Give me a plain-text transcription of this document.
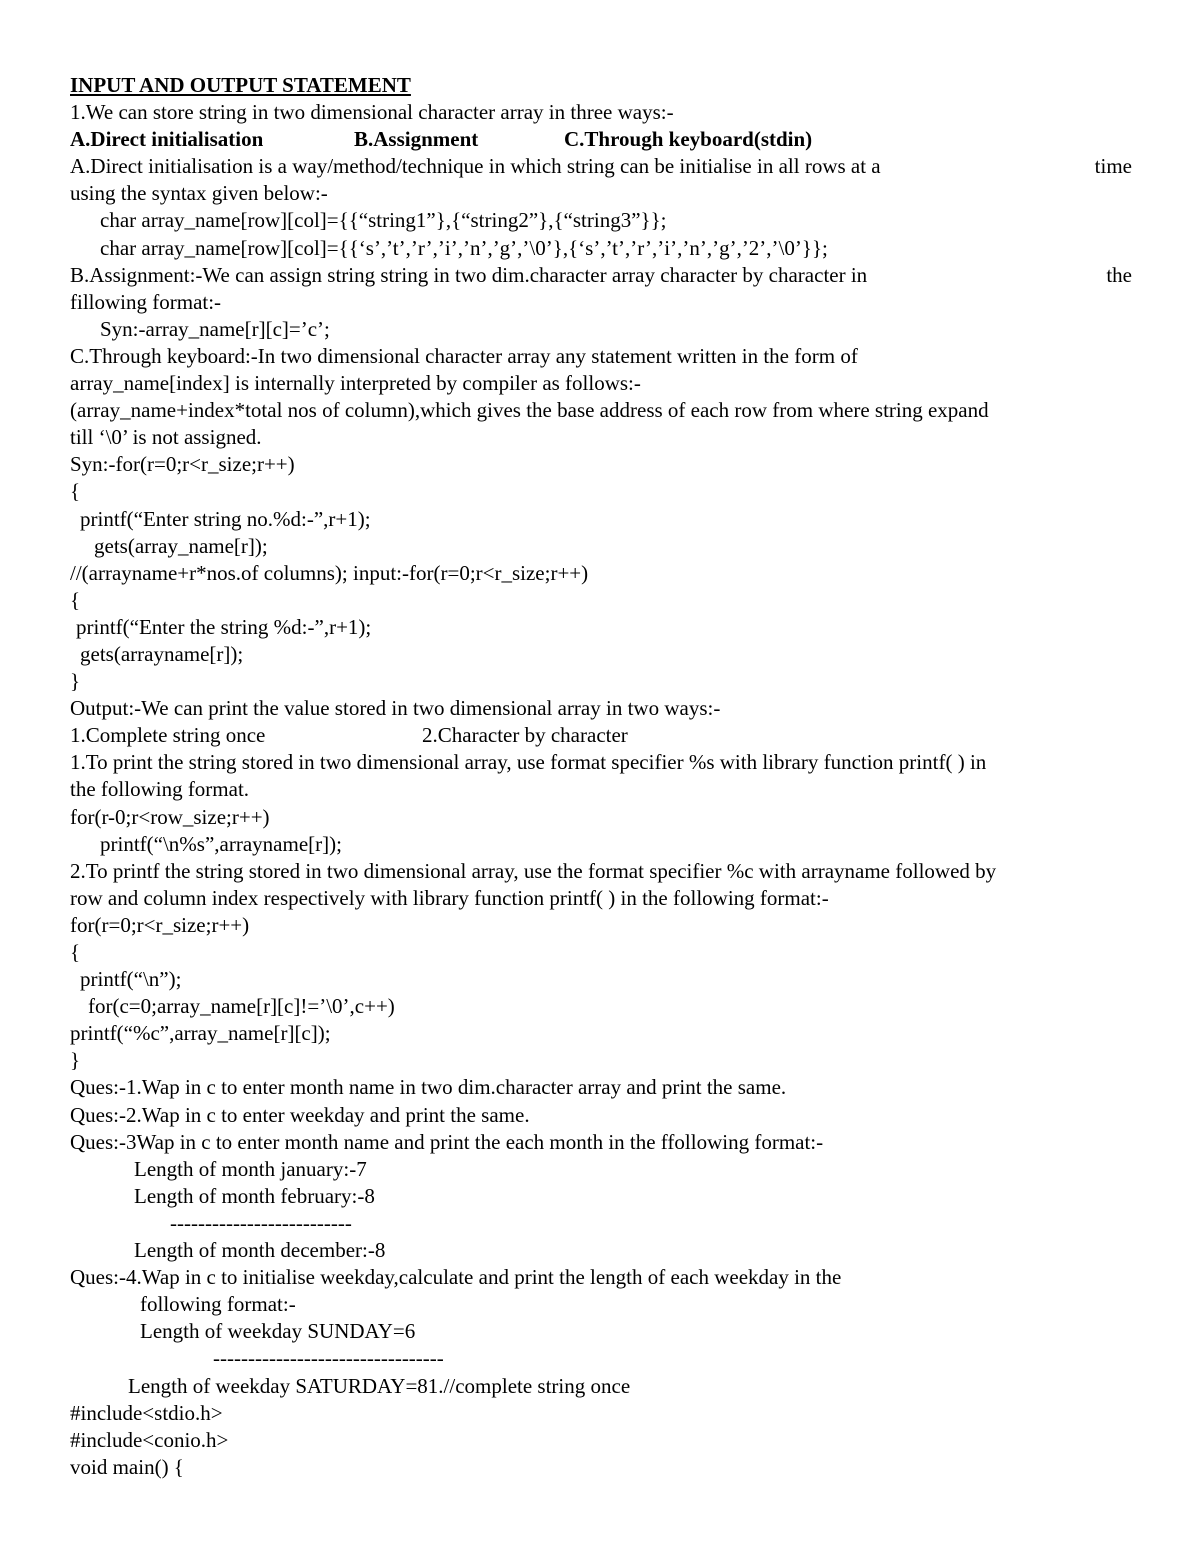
INPUT AND OUTPUT STATEMENT
1.We can store string in two dimensional character array in three ways:-
A.Direct initialisation	B.Assignment	C.Through keyboard(stdin)
A.Direct initialisation is a way/method/technique in which string can be initialise in all rows at a	time
using the syntax given below:-
char array_name[row][col]={{“string1”},{“string2”},{“string3”}};
char array_name[row][col]={{‘s’,’t’,’r’,’i’,’n’,’g’,’\0’},{‘s’,’t’,’r’,’i’,’n’,’g’,’2’,’\0’}};
B.Assignment:-We can assign string string in two dim.character array character by character in	the
fillowing format:-
Syn:-array_name[r][c]=’c’;
C.Through keyboard:-In two dimensional character array any statement written in the form of
array_name[index] is internally interpreted by compiler as follows:-
(array_name+index*total nos of column),which gives the base address of each row from where string expand
till ‘\0’ is not assigned.
Syn:-for(r=0;r<r_size;r++)
{
printf(“Enter string no.%d:-”,r+1);
gets(array_name[r]);
//(arrayname+r*nos.of columns); input:-for(r=0;r<r_size;r++)
{
printf(“Enter the string %d:-”,r+1);
gets(arrayname[r]);
}
Output:-We can print the value stored in two dimensional array in two ways:-
1.Complete string once	2.Character by character
1.To print the string stored in two dimensional array, use format specifier %s with library function printf( ) in
the following format.
for(r-0;r<row_size;r++)
printf(“\n%s”,arrayname[r]);
2.To printf the string stored in two dimensional array, use the format specifier %c with arrayname followed by
row and column index respectively with library function printf( ) in the following format:-
for(r=0;r<r_size;r++)
{
printf(“\n”);
for(c=0;array_name[r][c]!=’\0’,c++)
printf(“%c”,array_name[r][c]);
}
Ques:-1.Wap in c to enter month name in two dim.character array and print the same.
Ques:-2.Wap in c to enter weekday and print the same.
Ques:-3Wap in c to enter month name and print the each month in the ffollowing format:-
Length of month january:-7
Length of month february:-8
--------------------------
Length of month december:-8
Ques:-4.Wap in c to initialise weekday,calculate and print the length of each weekday in the
following format:-
Length of weekday SUNDAY=6
---------------------------------
Length of weekday SATURDAY=81.//complete string once
#include<stdio.h>
#include<conio.h>
void main() {
